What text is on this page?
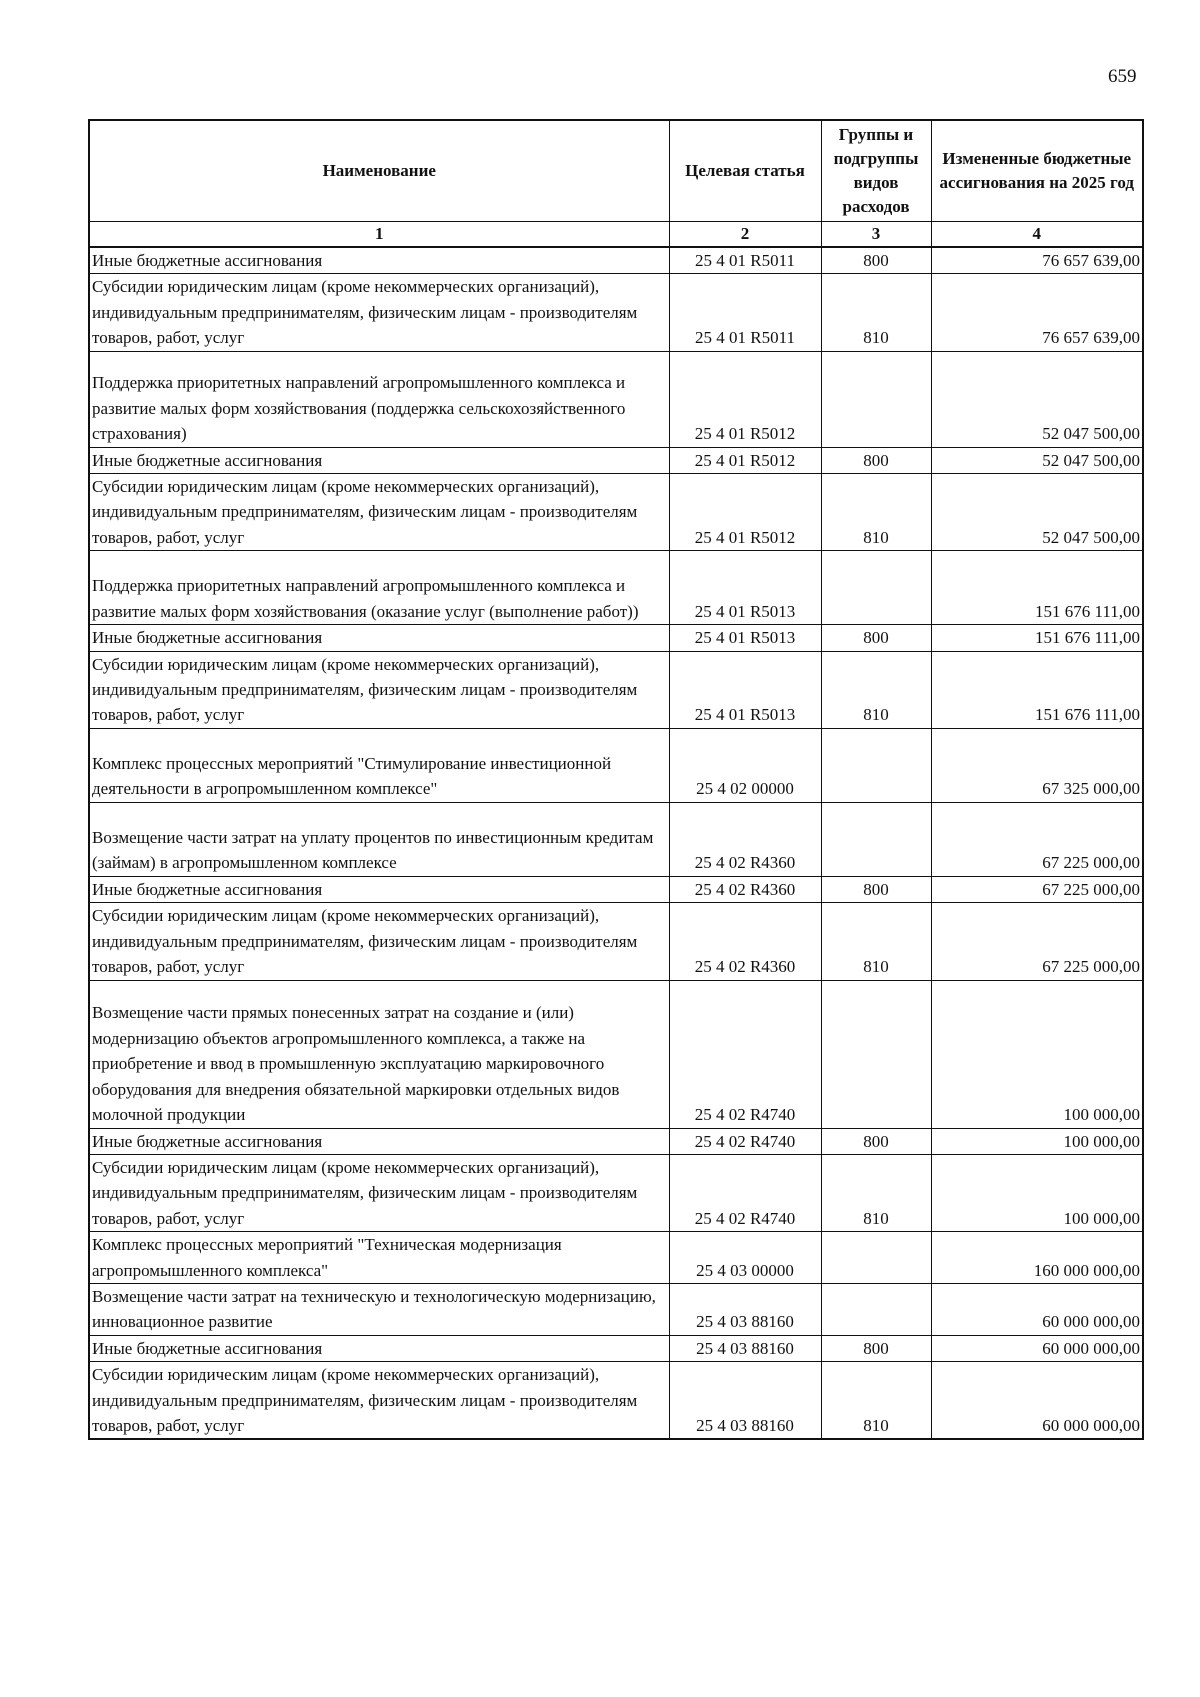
659
Наименование	Целевая статья	Группы и подгруппы видов расходов	Измененные бюджетные ассигнования на 2025 год
1	2	3	4
Иные бюджетные ассигнования	25 4 01 R5011	800	76 657 639,00
Субсидии юридическим лицам (кроме некоммерческих организаций), индивидуальным предпринимателям, физическим лицам - производителям товаров, работ, услуг	25 4 01 R5011	810	76 657 639,00
Поддержка приоритетных направлений агропромышленного комплекса и развитие малых форм хозяйствования (поддержка сельскохозяйственного страхования)	25 4 01 R5012		52 047 500,00
Иные бюджетные ассигнования	25 4 01 R5012	800	52 047 500,00
Субсидии юридическим лицам (кроме некоммерческих организаций), индивидуальным предпринимателям, физическим лицам - производителям товаров, работ, услуг	25 4 01 R5012	810	52 047 500,00
Поддержка приоритетных направлений агропромышленного комплекса и развитие малых форм хозяйствования (оказание услуг (выполнение работ))	25 4 01 R5013		151 676 111,00
Иные бюджетные ассигнования	25 4 01 R5013	800	151 676 111,00
Субсидии юридическим лицам (кроме некоммерческих организаций), индивидуальным предпринимателям, физическим лицам - производителям товаров, работ, услуг	25 4 01 R5013	810	151 676 111,00
Комплекс процессных мероприятий "Стимулирование инвестиционной деятельности в агропромышленном комплексе"	25 4 02 00000		67 325 000,00
Возмещение части затрат на уплату процентов по инвестиционным кредитам (займам) в агропромышленном комплексе	25 4 02 R4360		67 225 000,00
Иные бюджетные ассигнования	25 4 02 R4360	800	67 225 000,00
Субсидии юридическим лицам (кроме некоммерческих организаций), индивидуальным предпринимателям, физическим лицам - производителям товаров, работ, услуг	25 4 02 R4360	810	67 225 000,00
Возмещение части прямых понесенных затрат на создание и (или) модернизацию объектов агропромышленного комплекса, а также на приобретение и ввод в промышленную эксплуатацию маркировочного оборудования для внедрения обязательной маркировки отдельных видов молочной продукции	25 4 02 R4740		100 000,00
Иные бюджетные ассигнования	25 4 02 R4740	800	100 000,00
Субсидии юридическим лицам (кроме некоммерческих организаций), индивидуальным предпринимателям, физическим лицам - производителям товаров, работ, услуг	25 4 02 R4740	810	100 000,00
Комплекс процессных мероприятий "Техническая модернизация агропромышленного комплекса"	25 4 03 00000		160 000 000,00
Возмещение части затрат на техническую и технологическую модернизацию, инновационное развитие	25 4 03 88160		60 000 000,00
Иные бюджетные ассигнования	25 4 03 88160	800	60 000 000,00
Субсидии юридическим лицам (кроме некоммерческих организаций), индивидуальным предпринимателям, физическим лицам - производителям товаров, работ, услуг	25 4 03 88160	810	60 000 000,00
